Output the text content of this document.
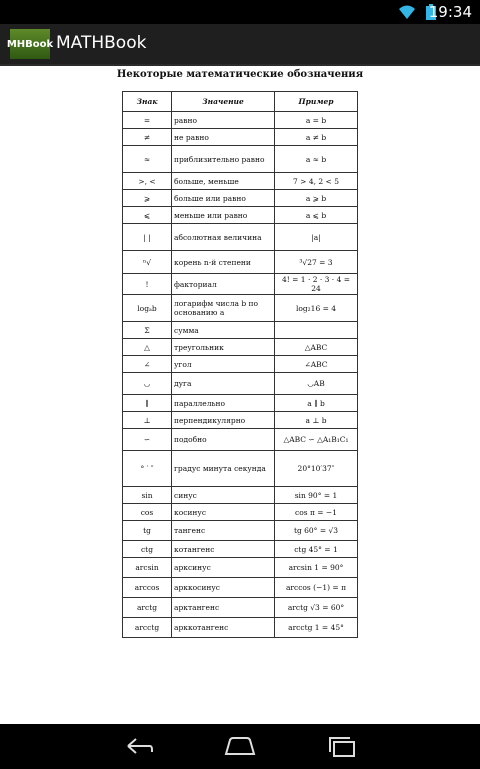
19:34
MHBook MATHBook
Некоторые математические обозначения
Знак	Значение	Пример
=	равно	a = b
≠	не равно	a ≠ b
≈	приблизительно равно	a ≈ b
>, <	больше, меньше	7 > 4, 2 < 5
⩾	больше или равно	a ⩾ b
⩽	меньше или равно	a ⩽ b
| |	абсолютная величина	|a|
ⁿ√	корень n-й степени	³√27 = 3
!	факториал	4! = 1 · 2 · 3 · 4 = 24
logₐb	логарифм числа b по основанию a	log₂16 = 4
Σ	сумма	
△	треугольник	△ABC
∠	угол	∠ABC
◡	дуга	◡AB
∥	параллельно	a ∥ b
⊥	перпендикулярно	a ⊥ b
∽	подобно	△ABC ∽ △A₁B₁C₁
° ′ ″	градус минута секунда	20°10′37″
sin	синус	sin 90° = 1
cos	косинус	cos π = −1
tg	тангенс	tg 60° = √3
ctg	котангенс	ctg 45° = 1
arcsin	арксинус	arcsin 1 = 90°
arccos	арккосинус	arccos (−1) = π
arctg	арктангенс	arctg √3 = 60°
arcctg	арккотангенс	arcctg 1 = 45°
